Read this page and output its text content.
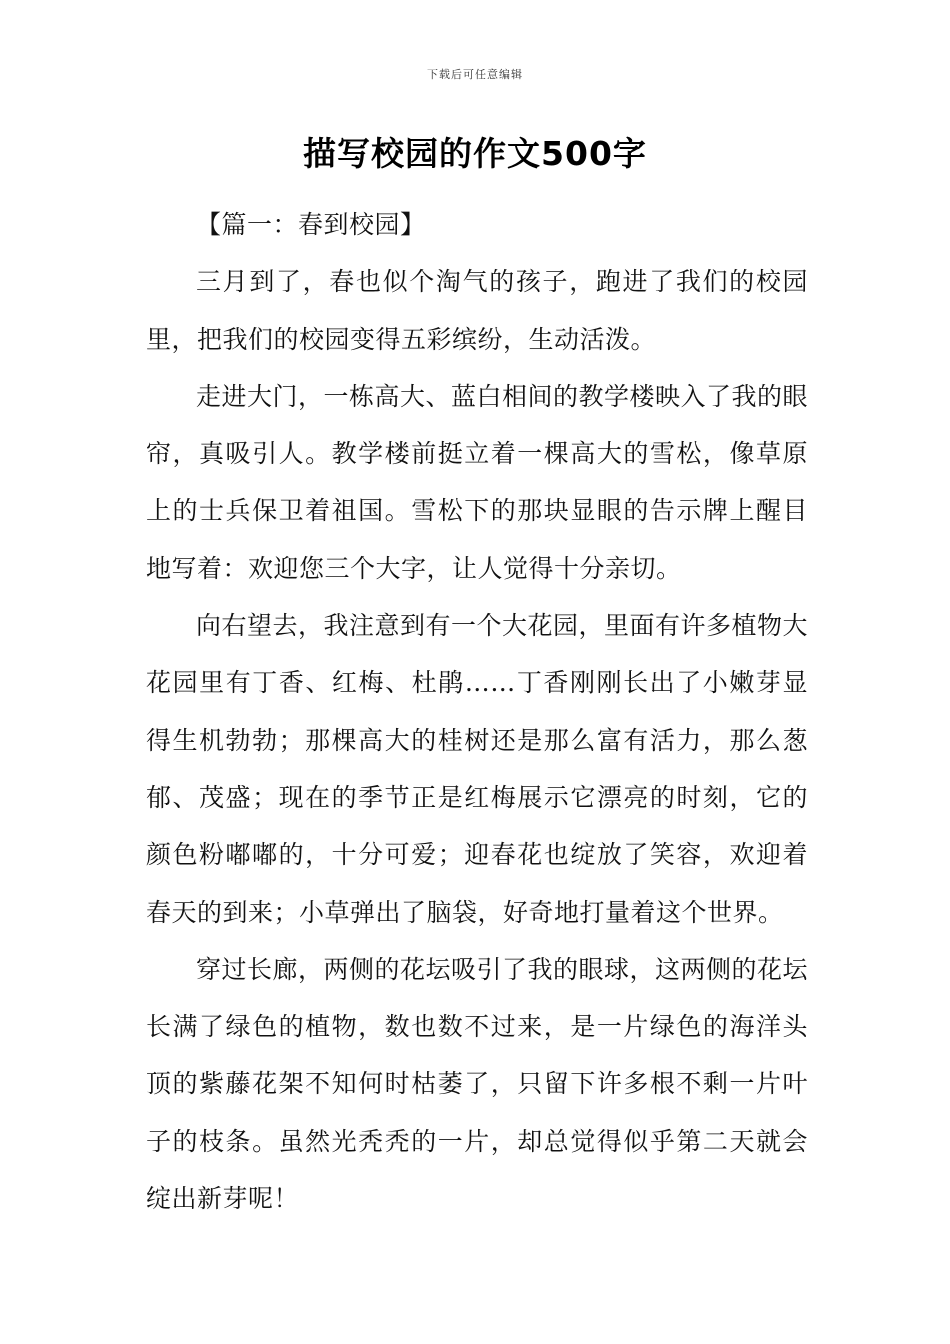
下载后可任意编辑
描写校园的作文500字

【篇一：春到校园】

三月到了，春也似个淘气的孩子，跑进了我们的校园里，把我们的校园变得五彩缤纷，生动活泼。

走进大门，一栋高大、蓝白相间的教学楼映入了我的眼帘，真吸引人。教学楼前挺立着一棵高大的雪松，像草原上的士兵保卫着祖国。雪松下的那块显眼的告示牌上醒目地写着：欢迎您三个大字，让人觉得十分亲切。

向右望去，我注意到有一个大花园，里面有许多植物大花园里有丁香、红梅、杜鹃……丁香刚刚长出了小嫩芽显得生机勃勃；那棵高大的桂树还是那么富有活力，那么葱郁、茂盛；现在的季节正是红梅展示它漂亮的时刻，它的颜色粉嘟嘟的，十分可爱；迎春花也绽放了笑容，欢迎着春天的到来；小草弹出了脑袋，好奇地打量着这个世界。

穿过长廊，两侧的花坛吸引了我的眼球，这两侧的花坛长满了绿色的植物，数也数不过来，是一片绿色的海洋头顶的紫藤花架不知何时枯萎了，只留下许多根不剩一片叶子的枝条。虽然光秃秃的一片，却总觉得似乎第二天就会绽出新芽呢！
